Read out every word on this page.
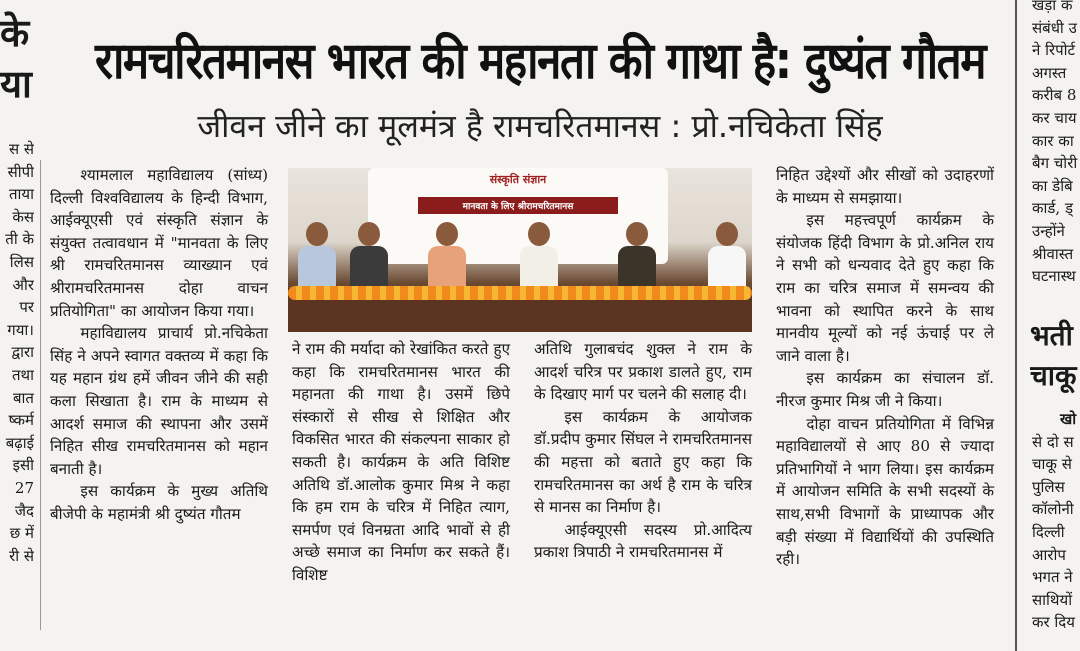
के
या
स से
सीपी
ताया
केस
ती के
लिस
और
पर
गया।
द्वारा
तथा
बात
ष्कर्म
बढ़ाई
इसी
27
जैद
छ में
री से
रामचरितमानस भारत की महानता की गाथा है: दुष्यंत गौतम
जीवन जीने का मूलमंत्र है रामचरितमानस : प्रो.नचिकेता सिंह

श्यामलाल महाविद्यालय (सांध्य) दिल्ली विश्वविद्यालय के हिन्दी विभाग, आईक्यूएसी एवं संस्कृति संज्ञान के संयुक्त तत्वावधान में "मानवता के लिए श्री रामचरितमानस व्याख्यान एवं श्रीरामचरितमानस दोहा वाचन प्रतियोगिता" का आयोजन किया गया।

महाविद्यालय प्राचार्य प्रो.नचिकेता सिंह ने अपने स्वागत वक्तव्य में कहा कि यह महान ग्रंथ हमें जीवन जीने की सही कला सिखाता है। राम के माध्यम से आदर्श समाज की स्थापना और उसमें निहित सीख रामचरितमानस को महान बनाती है।

इस कार्यक्रम के मुख्य अतिथि बीजेपी के महामंत्री श्री दुष्यंत गौतम

संस्कृति संज्ञान
मानवता के लिए श्रीरामचरितमानस

ने राम की मर्यादा को रेखांकित करते हुए कहा कि रामचरितमानस भारत की महानता की गाथा है। उसमें छिपे संस्कारों से सीख से शिक्षित और विकसित भारत की संकल्पना साकार हो सकती है। कार्यक्रम के अति विशिष्ट अतिथि डॉ.आलोक कुमार मिश्र ने कहा कि हम राम के चरित्र में निहित त्याग, समर्पण एवं विनम्रता आदि भावों से ही अच्छे समाज का निर्माण कर सकते हैं। विशिष्ट

अतिथि गुलाबचंद शुक्ल ने राम के आदर्श चरित्र पर प्रकाश डालते हुए, राम के दिखाए मार्ग पर चलने की सलाह दी।

इस कार्यक्रम के आयोजक डॉ.प्रदीप कुमार सिंघल ने रामचरितमानस की महत्ता को बताते हुए कहा कि रामचरितमानस का अर्थ है राम के चरित्र से मानस का निर्माण है।

आईक्यूएसी सदस्य प्रो.आदित्य प्रकाश त्रिपाठी ने रामचरितमानस में

निहित उद्देश्यों और सीखों को उदाहरणों के माध्यम से समझाया।

इस महत्त्वपूर्ण कार्यक्रम के संयोजक हिंदी विभाग के प्रो.अनिल राय ने सभी को धन्यवाद देते हुए कहा कि राम का चरित्र समाज में समन्वय की भावना को स्थापित करने के साथ मानवीय मूल्यों को नई ऊंचाई पर ले जाने वाला है।

इस कार्यक्रम का संचालन डॉ. नीरज कुमार मिश्र जी ने किया।

दोहा वाचन प्रतियोगिता में विभिन्न महाविद्यालयों से आए 80 से ज्यादा प्रतिभागियों ने भाग लिया। इस कार्यक्रम में आयोजन समिति के सभी सदस्यों के साथ,सभी विभागों के प्राध्यापक और बड़ी संख्या में विद्यार्थियों की उपस्थिति रही।

खड़ा क
संबंधी उ
ने रिपोर्ट
अगस्त
करीब 8
कर चाय
कार का
बैग चोरी
का डेबि
कार्ड, ड्
उन्होंने
श्रीवास्त
घटनास्थ
भती
चाकू
खो
से दो स
चाकू से
पुलिस
कॉलोनी
दिल्ली
आरोप
भगत ने
साथियों
कर दिय
